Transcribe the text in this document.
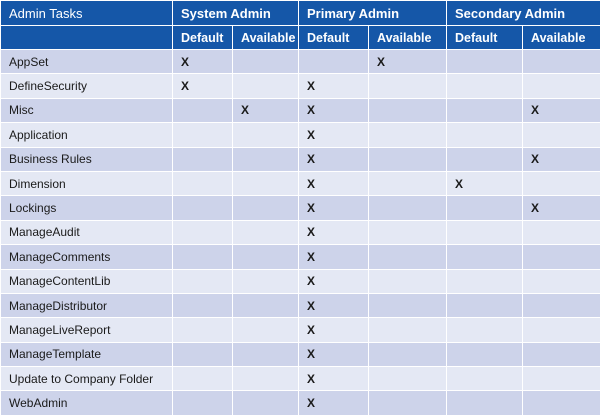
Admin Tasks	System Admin		Primary Admin		Secondary Admin	
	Default	Available	Default	Available	Default	Available
AppSet	X			X		
DefineSecurity	X		X			
Misc		X	X			X
Application			X			
Business Rules			X			X
Dimension			X		X	
Lockings			X			X
ManageAudit			X			
ManageComments			X			
ManageContentLib			X			
ManageDistributor			X			
ManageLiveReport			X			
ManageTemplate			X			
Update to Company Folder			X			
WebAdmin			X			
